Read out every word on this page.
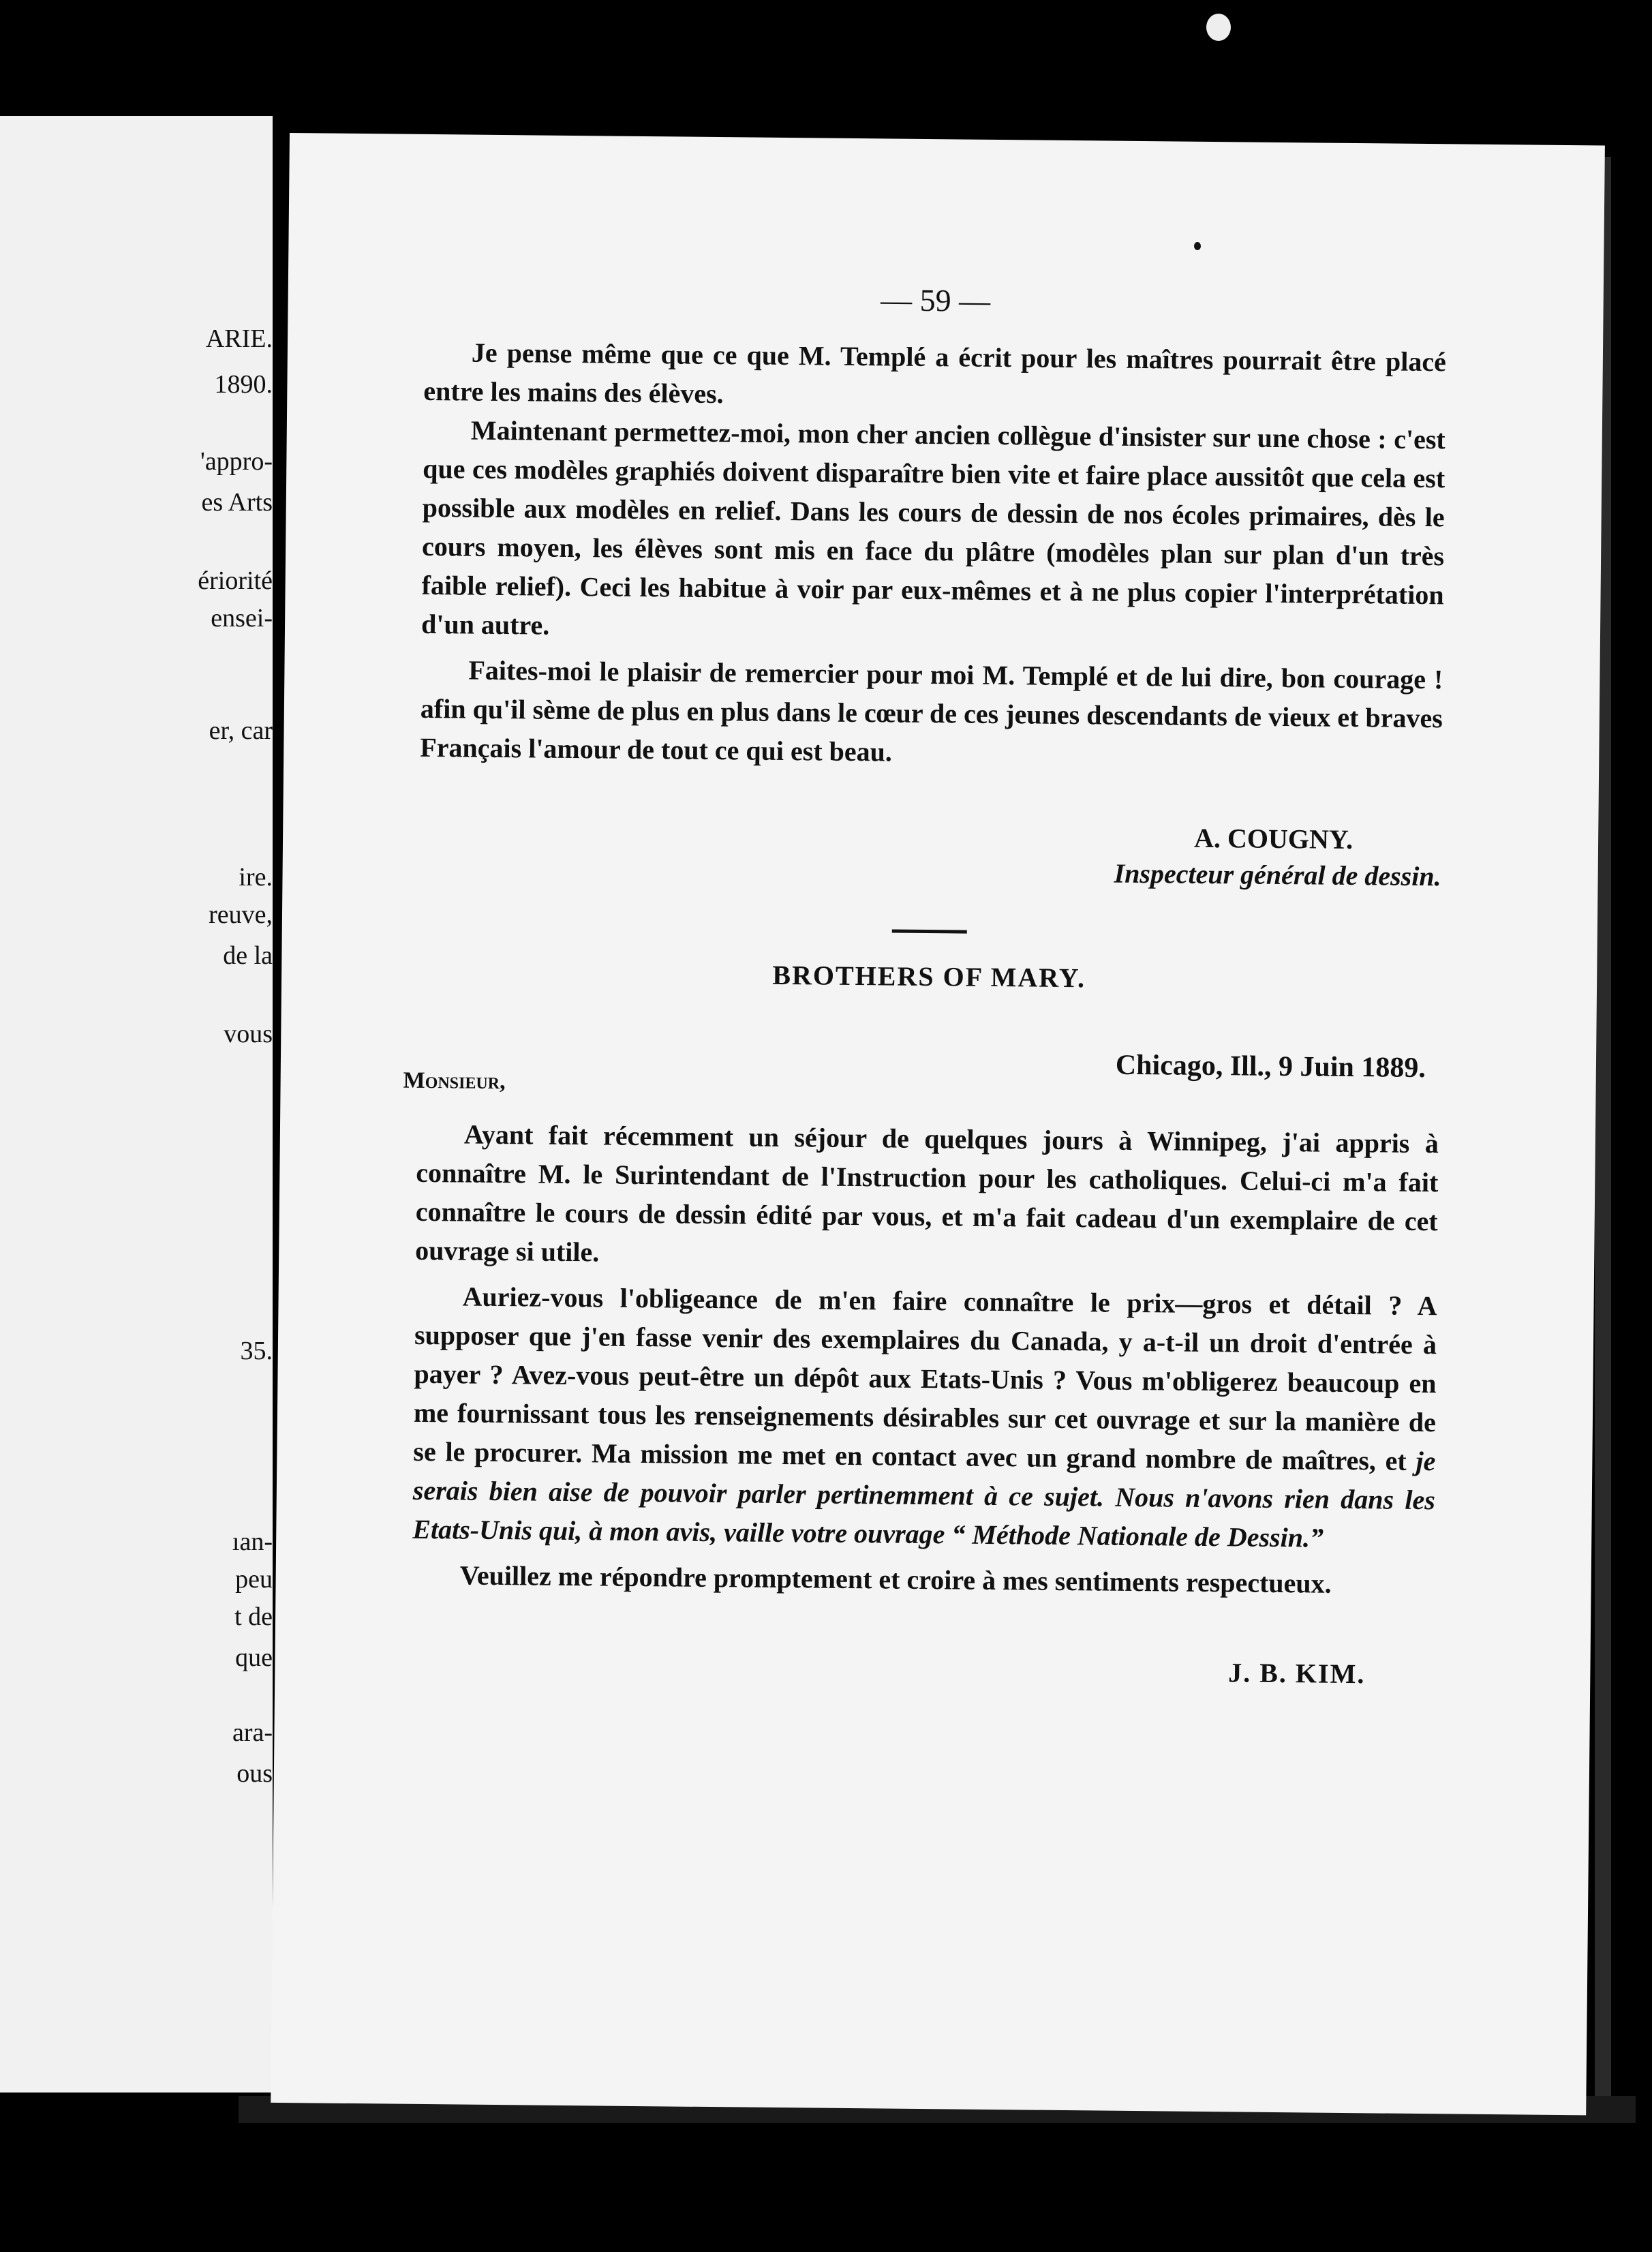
ARIE.
1890.
'appro-
es Arts
ériorité
ensei-
er, car
ire.
reuve,
de la
vous
35.
ıan-
peu
t de
que
ara-
ous
— 59 —

Je pense même que ce que M. Templé a écrit pour les maîtres pourrait être placé entre les mains des élèves.

Maintenant permettez-moi, mon cher ancien collègue d'insister sur une chose : c'est que ces modèles graphiés doivent disparaître bien vite et faire place aussitôt que cela est possible aux modèles en relief. Dans les cours de dessin de nos écoles primaires, dès le cours moyen, les élèves sont mis en face du plâtre (modèles plan sur plan d'un très faible relief). Ceci les habitue à voir par eux-mêmes et à ne plus copier l'interprétation d'un autre.

Faites-moi le plaisir de remercier pour moi M. Templé et de lui dire, bon courage ! afin qu'il sème de plus en plus dans le cœur de ces jeunes descendants de vieux et braves Français l'amour de tout ce qui est beau.

A. COUGNY.
Inspecteur général de dessin.
BROTHERS OF MARY.
Chicago, Ill., 9 Juin 1889.
Monsieur,

Ayant fait récemment un séjour de quelques jours à Winnipeg, j'ai appris à connaître M. le Surintendant de l'Instruction pour les catholiques. Celui-ci m'a fait connaître le cours de dessin édité par vous, et m'a fait cadeau d'un exemplaire de cet ouvrage si utile.

Auriez-vous l'obligeance de m'en faire connaître le prix—gros et détail ? A supposer que j'en fasse venir des exemplaires du Canada, y a-t-il un droit d'entrée à payer ? Avez-vous peut-être un dépôt aux Etats-Unis ? Vous m'obligerez beaucoup en me fournissant tous les renseignements désirables sur cet ouvrage et sur la manière de se le procurer. Ma mission me met en contact avec un grand nombre de maîtres, et je serais bien aise de pouvoir parler pertinemment à ce sujet. Nous n'avons rien dans les Etats-Unis qui, à mon avis, vaille votre ouvrage “ Méthode Nationale de Dessin.”

Veuillez me répondre promptement et croire à mes sentiments respectueux.

J. B. KIM.
